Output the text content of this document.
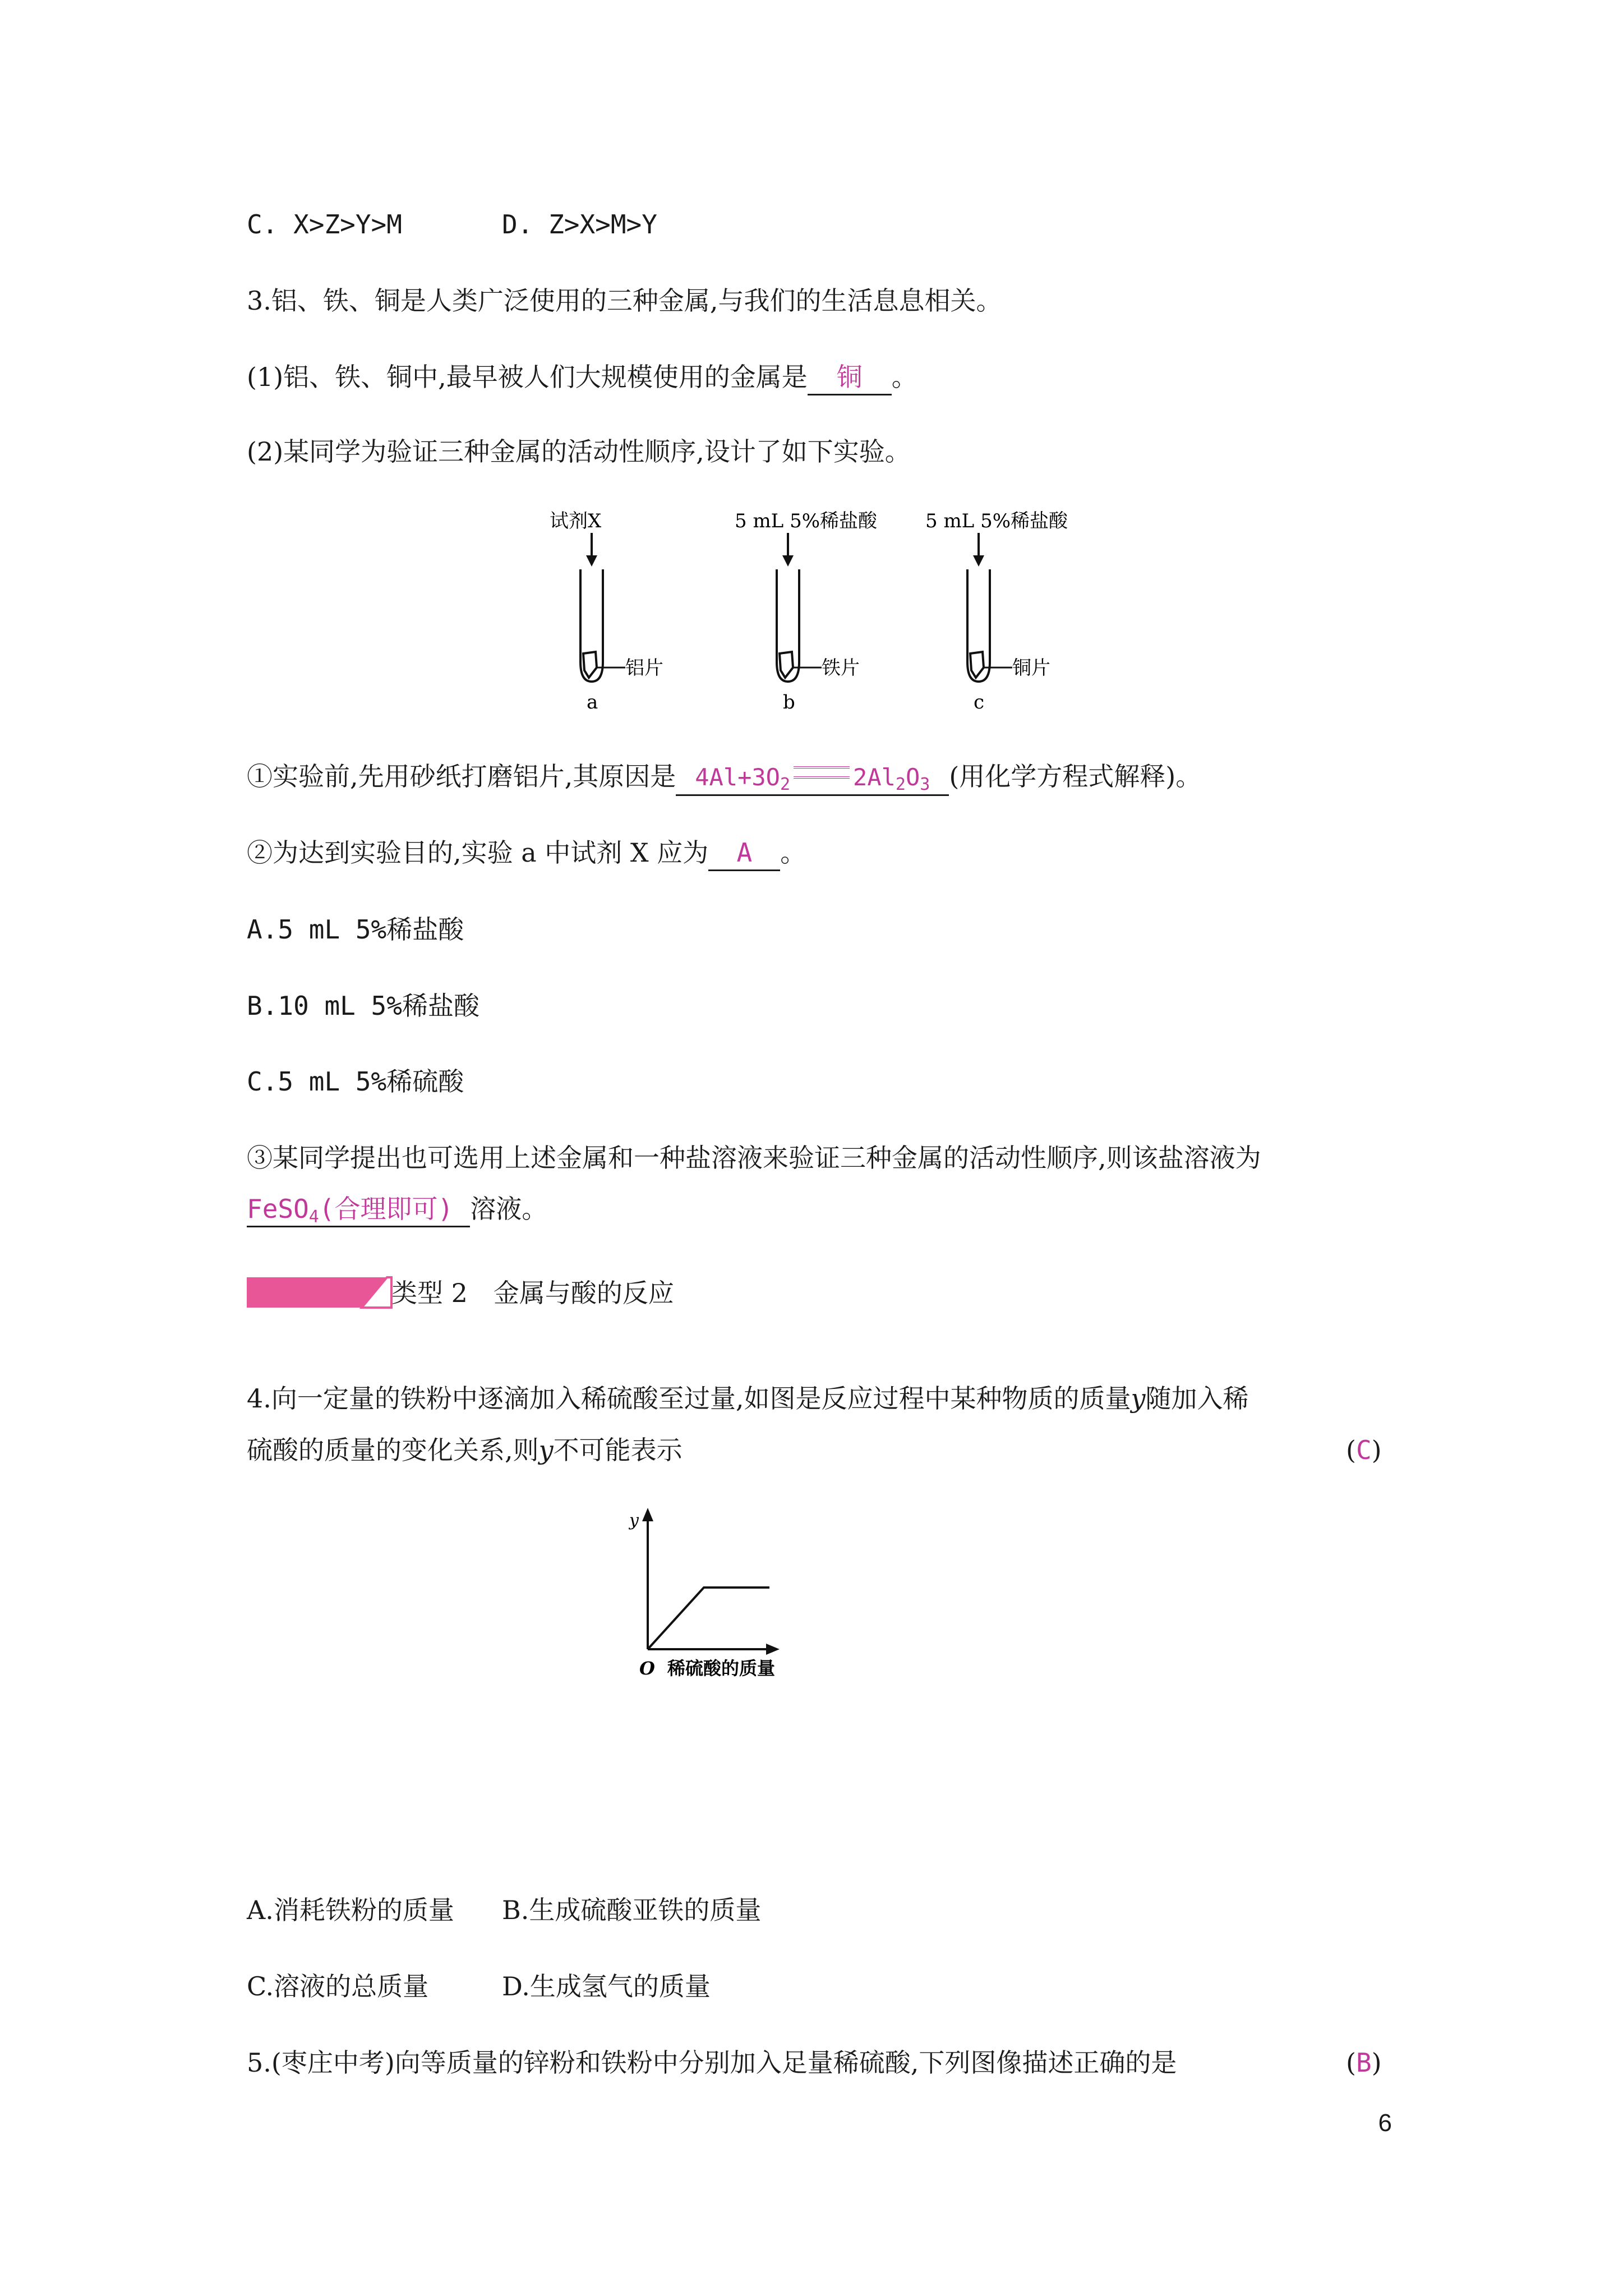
C. X>Z>Y>M	D. Z>X>M>Y
3.铝、铁、铜是人类广泛使用的三种金属,与我们的生活息息相关。
(1)铝、铁、铜中,最早被人们大规模使用的金属是 铜 。
(2)某同学为验证三种金属的活动性顺序,设计了如下实验。
试剂X
铝片
a
5 mL 5%稀盐酸
铁片
b
5 mL 5%稀盐酸
铜片
c
①实验前,先用砂纸打磨铝片,其原因是 $4Al+3O_2$	$2Al_2O_3$ (用化学方程式解释)。
②为达到实验目的,实验 a 中试剂 X 应为 A 。
A.5 mL 5%稀盐酸
B.10 mL 5%稀盐酸
C.5 mL 5%稀硫酸
③某同学提出也可选用上述金属和一种盐溶液来验证三种金属的活动性顺序,则该盐溶液为
FeSO$_4$(合理即可) 溶液。
类型 2　金属与酸的反应
4.向一定量的铁粉中逐滴加入稀硫酸至过量,如图是反应过程中某种物质的质量y随加入稀
硫酸的质量的变化关系,则y不可能表示	(C)
y
O 稀硫酸的质量
A.消耗铁粉的质量 B.生成硫酸亚铁的质量
C.溶液的总质量	D.生成氢气的质量
5.(枣庄中考)向等质量的锌粉和铁粉中分别加入足量稀硫酸,下列图像描述正确的是	(B)
6
